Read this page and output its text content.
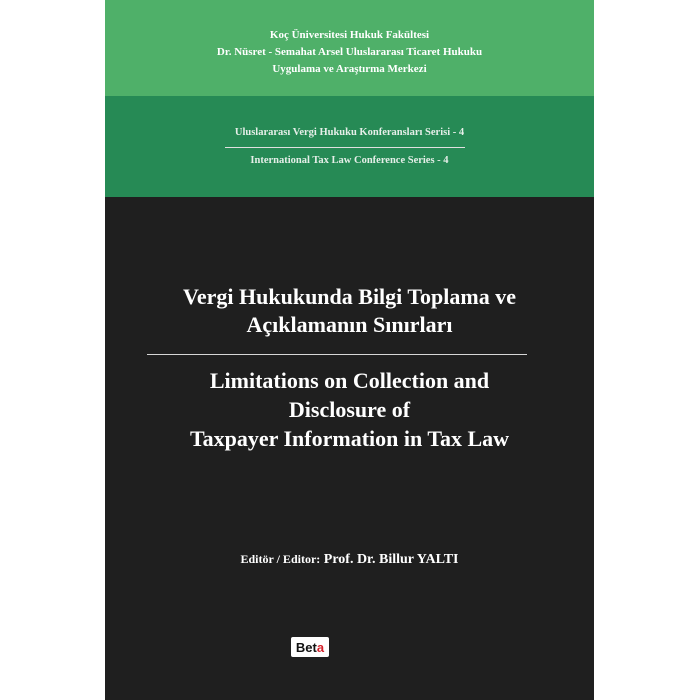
Koç Üniversitesi Hukuk Fakültesi
Dr. Nüsret - Semahat Arsel Uluslararası Ticaret Hukuku
Uygulama ve Araştırma Merkezi
Uluslararası Vergi Hukuku Konferansları Serisi - 4
International Tax Law Conference Series - 4
Vergi Hukukunda Bilgi Toplama ve
Açıklamanın Sınırları
Limitations on Collection and
Disclosure of
Taxpayer Information in Tax Law
Editör / Editor: Prof. Dr. Billur YALTI
Bet a
